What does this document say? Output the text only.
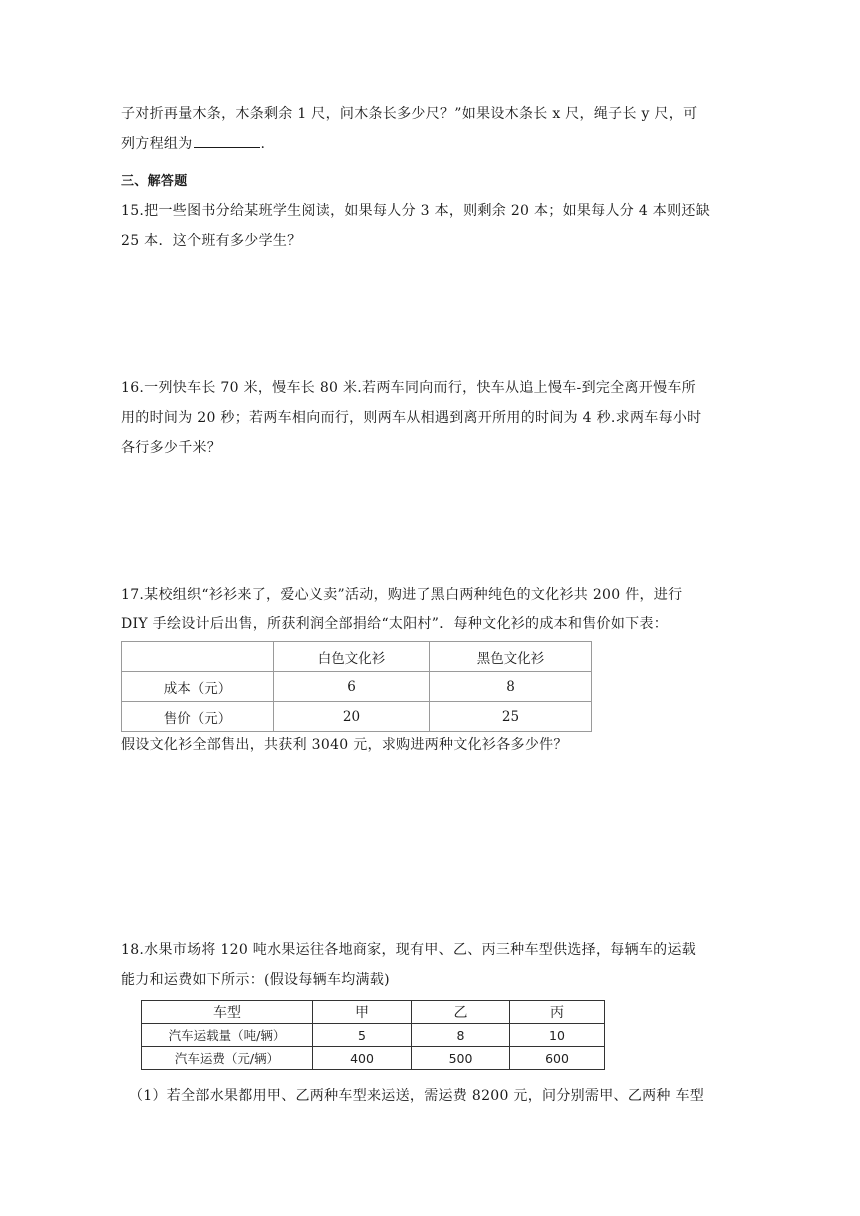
子对折再量木条，木条剩余 1 尺，问木条长多少尺？”如果设木条长 x 尺，绳子长 y 尺，可
列方程组为	.
三、解答题
15.把一些图书分给某班学生阅读，如果每人分 3 本，则剩余 20 本；如果每人分 4 本则还缺
25 本．这个班有多少学生？
16.一列快车长 70 米，慢车长 80 米.若两车同向而行，快车从追上慢车-到完全离开慢车所
用的时间为 20 秒；若两车相向而行，则两车从相遇到离开所用的时间为 4 秒.求两车每小时
各行多少千米？
17.某校组织“衫衫来了，爱心义卖”活动，购进了黑白两种纯色的文化衫共 200 件，进行
DIY 手绘设计后出售，所获利润全部捐给“太阳村”．每种文化衫的成本和售价如下表：
	白色文化衫	黑色文化衫
成本（元）	6	8
售价（元）	20	25
假设文化衫全部售出，共获利 3040 元，求购进两种文化衫各多少件？
18.水果市场将 120 吨水果运往各地商家，现有甲、乙、丙三种车型供选择，每辆车的运载
能力和运费如下所示：(假设每辆车均满载)
车型	甲	乙	丙
汽车运载量（吨/辆）	5	8	10
汽车运费（元/辆）	400	500	600
（1）若全部水果都用甲、乙两种车型来运送，需运费 8200 元，问分别需甲、乙两种 车型
